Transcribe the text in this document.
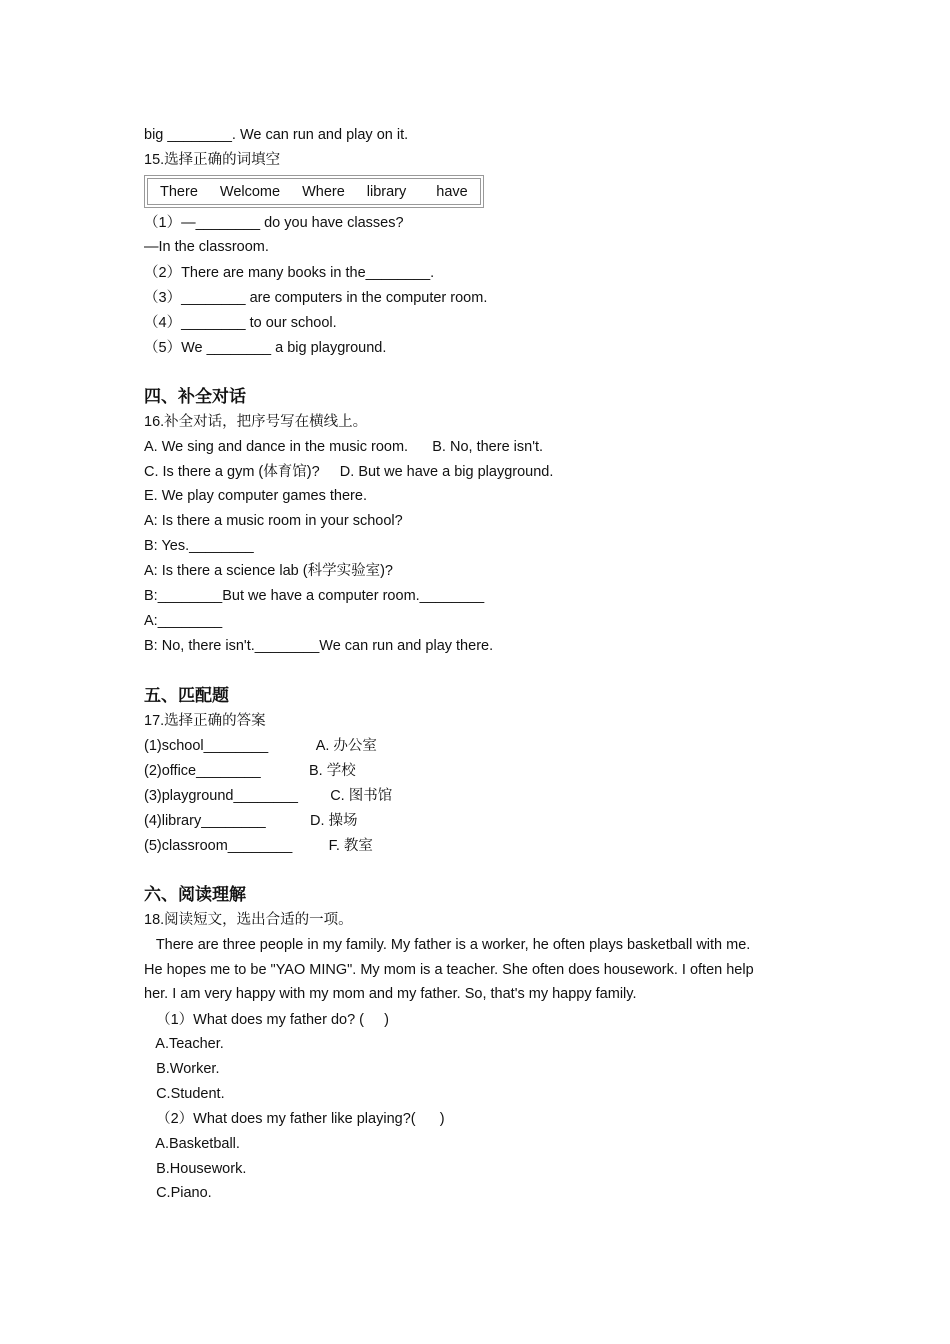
big ________. We can run and play on it.
15.选择正确的词填空
There Welcome Where library have
（1）—________ do you have classes?
—In the classroom.
（2）There are many books in the________.
（3）________ are computers in the computer room.
（4）________ to our school.
（5）We ________ a big playground.
四、补全对话
16.补全对话，把序号写在横线上。
A. We sing and dance in the music room.      B. No, there isn't.
C. Is there a gym (体育馆)?     D. But we have a big playground.
E. We play computer games there.
A: Is there a music room in your school?
B: Yes.________
A: Is there a science lab (科学实验室)?
B:________But we have a computer room.________
A:________
B: No, there isn't.________We can run and play there.
五、匹配题
17.选择正确的答案
(1)school________            A. 办公室
(2)office________            B. 学校
(3)playground________        C. 图书馆
(4)library________           D. 操场
(5)classroom________         F. 教室
六、阅读理解
18.阅读短文，选出合适的一项。
There are three people in my family. My father is a worker, he often plays basketball with me.
He hopes me to be "YAO MING". My mom is a teacher. She often does housework. I often help
her. I am very happy with my mom and my father. So, that's my happy family.
（1）What does my father do? (     )
A.Teacher.
B.Worker.
C.Student.
（2）What does my father like playing?(      )
A.Basketball.
B.Housework.
C.Piano.
